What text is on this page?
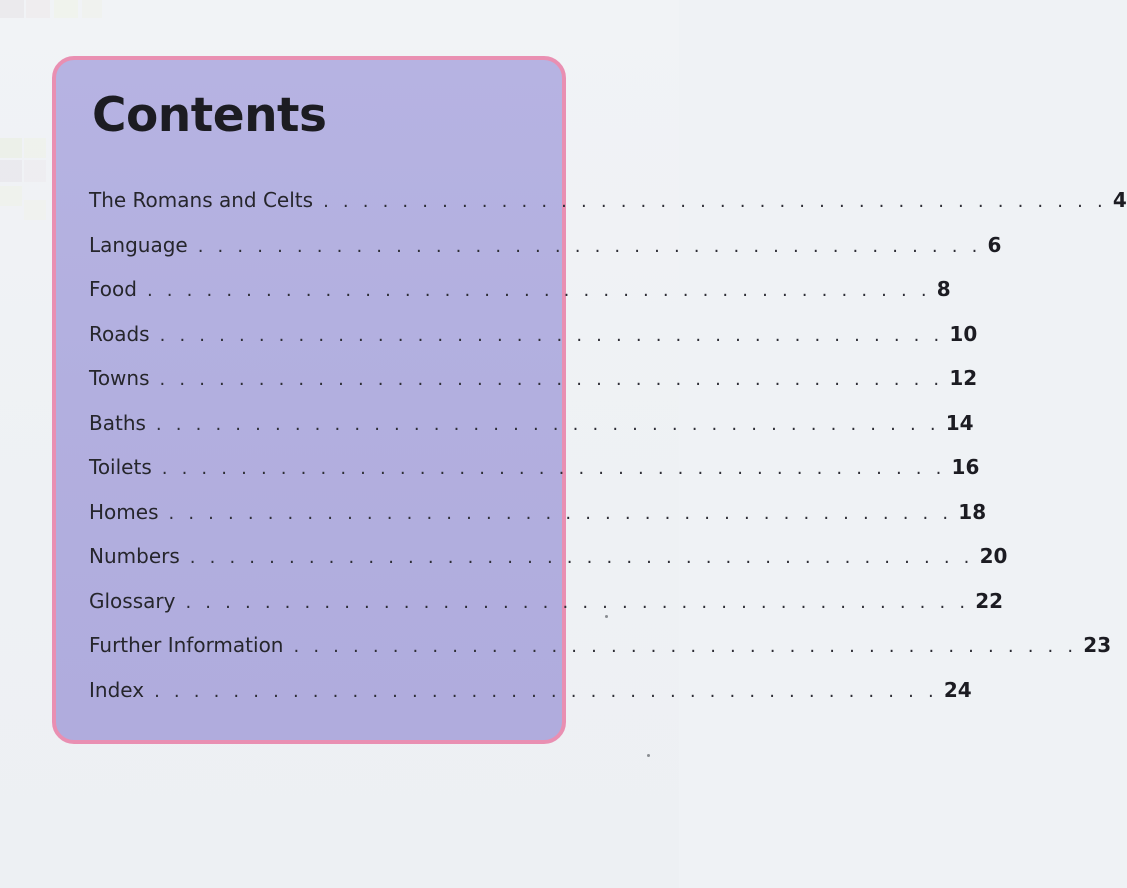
Contents
The Romans and Celts . . . . . . . . . . . . . . . . . . . . . . . . . . . . . . . . . . . . . . . . 4
Language . . . . . . . . . . . . . . . . . . . . . . . . . . . . . . . . . . . . . . . . 6
Food . . . . . . . . . . . . . . . . . . . . . . . . . . . . . . . . . . . . . . . . 8
Roads . . . . . . . . . . . . . . . . . . . . . . . . . . . . . . . . . . . . . . . . 10
Towns . . . . . . . . . . . . . . . . . . . . . . . . . . . . . . . . . . . . . . . . 12
Baths . . . . . . . . . . . . . . . . . . . . . . . . . . . . . . . . . . . . . . . . 14
Toilets . . . . . . . . . . . . . . . . . . . . . . . . . . . . . . . . . . . . . . . . 16
Homes . . . . . . . . . . . . . . . . . . . . . . . . . . . . . . . . . . . . . . . . 18
Numbers . . . . . . . . . . . . . . . . . . . . . . . . . . . . . . . . . . . . . . . . 20
Glossary . . . . . . . . . . . . . . . . . . . . . . . . . . . . . . . . . . . . . . . . 22
Further Information . . . . . . . . . . . . . . . . . . . . . . . . . . . . . . . . . . . . . . . . 23
Index . . . . . . . . . . . . . . . . . . . . . . . . . . . . . . . . . . . . . . . . 24
